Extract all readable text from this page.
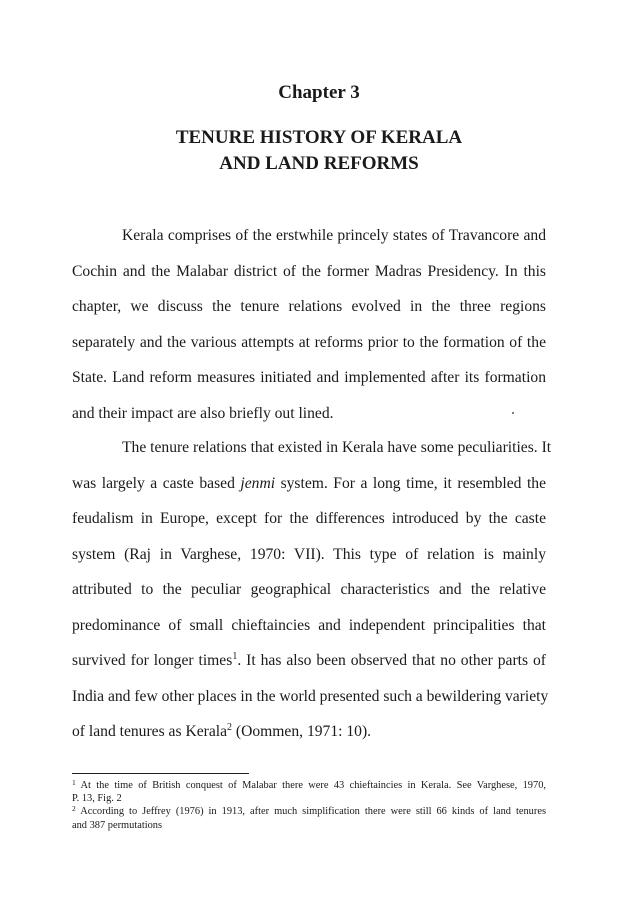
Chapter 3
TENURE HISTORY OF KERALA
AND LAND REFORMS
Kerala comprises of the erstwhile princely states of Travancore and
Cochin and the Malabar district of the former Madras Presidency. In this
chapter, we discuss the tenure relations evolved in the three regions
separately and the various attempts at reforms prior to the formation of the
State. Land reform measures initiated and implemented after its formation
and their impact are also briefly out lined.
The tenure relations that existed in Kerala have some peculiarities. It
was largely a caste based jenmi system. For a long time, it resembled the
feudalism in Europe, except for the differences introduced by the caste
system (Raj in Varghese, 1970: VII). This type of relation is mainly
attributed to the peculiar geographical characteristics and the relative
predominance of small chieftaincies and independent principalities that
survived for longer times$^1$. It has also been observed that no other parts of
India and few other places in the world presented such a bewildering variety
of land tenures as Kerala$^2$ (Oommen, 1971: 10).
$^1$ At the time of British conquest of Malabar there were 43 chieftaincies in Kerala. See Varghese, 1970,
P. 13, Fig. 2
$^2$ According to Jeffrey (1976) in 1913, after much simplification there were still 66 kinds of land tenures
and 387 permutations
